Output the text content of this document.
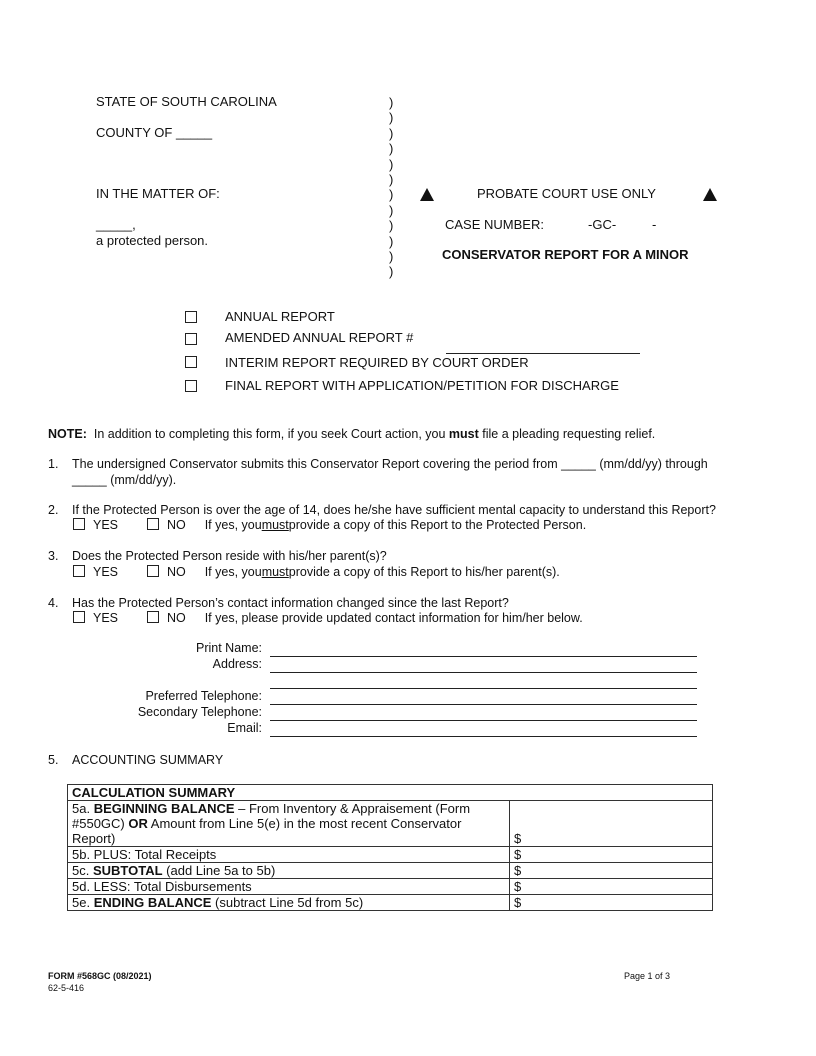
STATE OF SOUTH CAROLINA
COUNTY OF _____
IN THE MATTER OF:
_____,
a protected person.
)
)
)
)
)
)
)
)
)
)
)
)
PROBATE COURT USE ONLY
CASE NUMBER:	-GC-	-
CONSERVATOR REPORT FOR A MINOR
ANNUAL REPORT
AMENDED ANNUAL REPORT #
INTERIM REPORT REQUIRED BY COURT ORDER
FINAL REPORT WITH APPLICATION/PETITION FOR DISCHARGE
NOTE: In addition to completing this form, if you seek Court action, you must file a pleading requesting relief.
1. The undersigned Conservator submits this Conservator Report covering the period from _____ (mm/dd/yy) through
_____ (mm/dd/yy).
2. If the Protected Person is over the age of 14, does he/she have sufficient mental capacity to understand this Report?
YES	NO If yes, youmustprovide a copy of this Report to the Protected Person.
3. Does the Protected Person reside with his/her parent(s)?
YES	NO If yes, youmustprovide a copy of this Report to his/her parent(s).
4. Has the Protected Person’s contact information changed since the last Report?
YES	NO If yes, please provide updated contact information for him/her below.
Print Name:
Address:
Preferred Telephone:
Secondary Telephone:
Email:
5. ACCOUNTING SUMMARY
CALCULATION SUMMARY	
5a. BEGINNING BALANCE – From Inventory & Appraisement (Form
#550GC) OR Amount from Line 5(e) in the most recent Conservator
Report)	$
5b. PLUS: Total Receipts	$
5c. SUBTOTAL (add Line 5a to 5b)	$
5d. LESS: Total Disbursements	$
5e. ENDING BALANCE (subtract Line 5d from 5c)	$
FORM #568GC (08/2021)
62-5-416
Page 1 of 3
